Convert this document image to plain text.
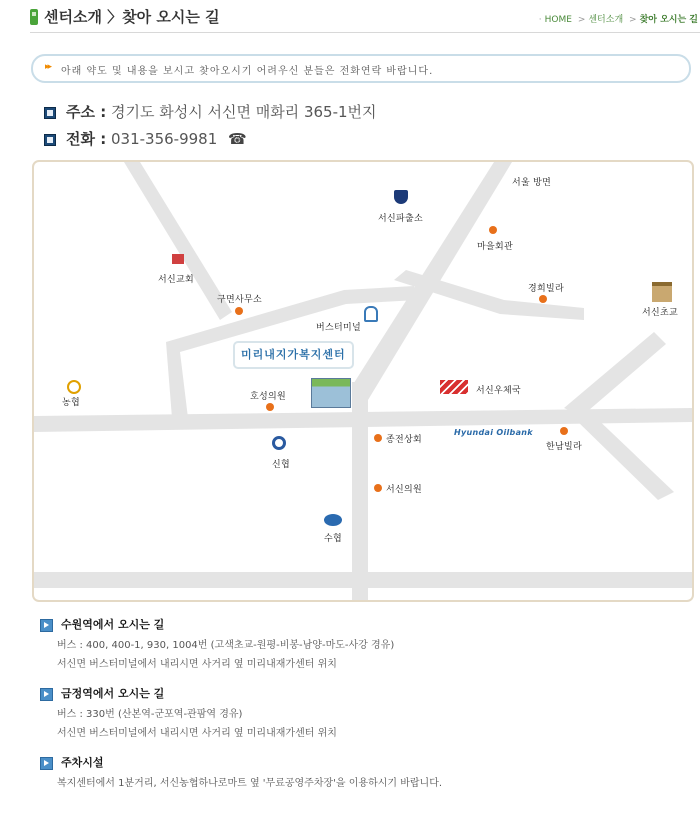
센터소개 〉찾아 오시는 길	· HOME > 센터소개 > 찾아 오시는 길
▸▸ 아래 약도 및 내용을 보시고 찾아오시기 어려우신 분들은 전화연락 바랍니다.
주소 : 경기도 화성시 서신면 매화리 365-1번지
전화 : 031-356-9981 ☎
서신파출소
서울 방면
마을회관
서신교회
구면사무소
경희빌라
서신초교
버스터미널
미리내지가복지센터
농협
호성의원
서신우체국
신협
종전상회
Hyundai Oilbank
한남빌라
서신의원
수협
수원역에서 오시는 길
버스 : 400, 400-1, 930, 1004번 (고색초교-원평-비봉-남양-마도-사강 경유)
서신면 버스터미널에서 내리시면 사거리 옆 미리내재가센터 위치
금정역에서 오시는 길
버스 : 330번 (산본역-군포역-관팜역 경유)
서신면 버스터미널에서 내리시면 사거리 옆 미리내재가센터 위치
주차시설
복지센터에서 1분거리, 서신농협하나로마트 옆 '무료공영주차장'을 이용하시기 바랍니다.
